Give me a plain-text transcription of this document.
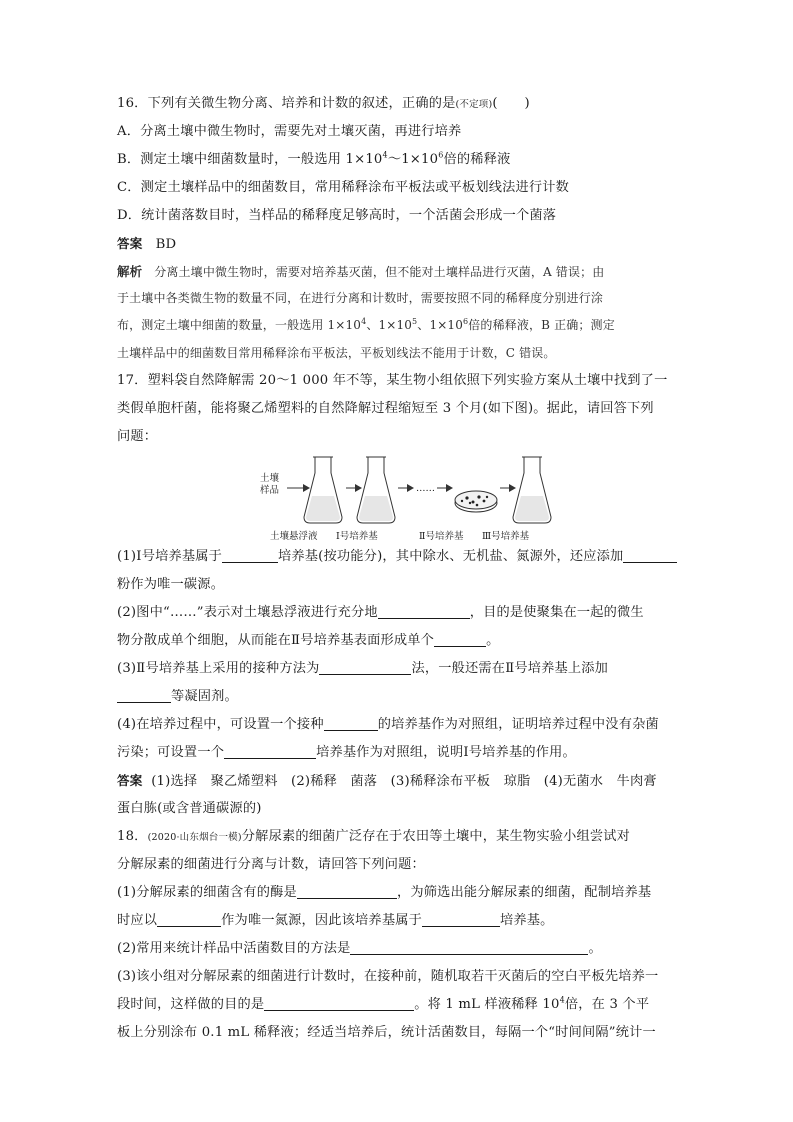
16．下列有关微生物分离、培养和计数的叙述，正确的是(不定项)(　　)
A．分离土壤中微生物时，需要先对土壤灭菌，再进行培养
B．测定土壤中细菌数量时，一般选用 $1\times 10^4\sim 1\times 10^6$倍的稀释液
C．测定土壤样品中的细菌数目，常用稀释涂布平板法或平板划线法进行计数
D．统计菌落数目时，当样品的稀释度足够高时，一个活菌会形成一个菌落
答案 BD
解析 分离土壤中微生物时，需要对培养基灭菌，但不能对土壤样品进行灭菌，A 错误；由
于土壤中各类微生物的数量不同，在进行分离和计数时，需要按照不同的稀释度分别进行涂
布，测定土壤中细菌的数量，一般选用 $1\times 10^4$、$1\times 10^5$、$1\times 10^6$倍的稀释液，B 正确；测定
土壤样品中的细菌数目常用稀释涂布平板法，平板划线法不能用于计数，C 错误。
17．塑料袋自然降解需 20～1 000 年不等，某生物小组依照下列实验方案从土壤中找到了一
类假单胞杆菌，能将聚乙烯塑料的自然降解过程缩短至 3 个月(如下图)。据此，请回答下列
问题：
土壤
样品	……
土壤悬浮液 Ⅰ号培养基	Ⅱ号培养基 Ⅲ号培养基
(1)Ⅰ号培养基属于	培养基(按功能分)，其中除水、无机盐、氮源外，还应添加
粉作为唯一碳源。
(2)图中“……”表示对土壤悬浮液进行充分地	，目的是使聚集在一起的微生
物分散成单个细胞，从而能在Ⅱ号培养基表面形成单个	。
(3)Ⅱ号培养基上采用的接种方法为	法，一般还需在Ⅱ号培养基上添加
等凝固剂。
(4)在培养过程中，可设置一个接种	的培养基作为对照组，证明培养过程中没有杂菌
污染；可设置一个	培养基作为对照组，说明Ⅰ号培养基的作用。
答案 (1)选择　聚乙烯塑料　(2)稀释　菌落　(3)稀释涂布平板　琼脂　(4)无菌水　牛肉膏
蛋白胨(或含普通碳源的)
18．(2020·山东烟台一模)分解尿素的细菌广泛存在于农田等土壤中，某生物实验小组尝试对
分解尿素的细菌进行分离与计数，请回答下列问题：
(1)分解尿素的细菌含有的酶是	，为筛选出能分解尿素的细菌，配制培养基
时应以	作为唯一氮源，因此该培养基属于	培养基。
(2)常用来统计样品中活菌数目的方法是	。
(3)该小组对分解尿素的细菌进行计数时，在接种前，随机取若干灭菌后的空白平板先培养一
段时间，这样做的目的是	。将 1 mL 样液稀释 $10^4$倍，在 3 个平
板上分别涂布 0.1 mL 稀释液；经适当培养后，统计活菌数目，每隔一个“时间间隔”统计一
